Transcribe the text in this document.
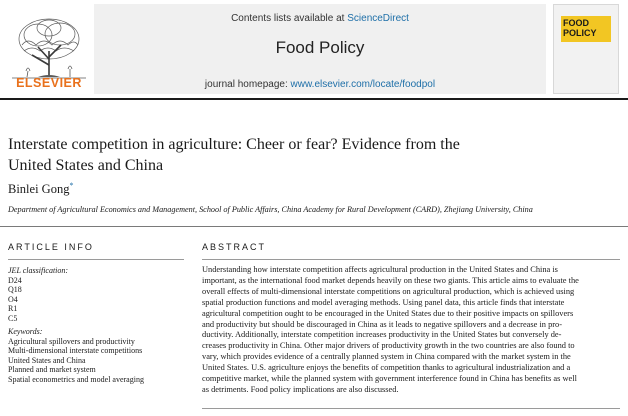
ELSEVIER
Contents lists available at ScienceDirect
Food Policy
journal homepage: www.elsevier.com/locate/foodpol
FOOD
POLICY
Interstate competition in agriculture: Cheer or fear? Evidence from the
United States and China
Binlei Gong*
Department of Agricultural Economics and Management, School of Public Affairs, China Academy for Rural Development (CARD), Zhejiang University, China
ARTICLE INFO	ABSTRACT
JEL classification:
D24
Q18
O4
R1
C5
Keywords:
Agricultural spillovers and productivity
Multi-dimensional interstate competitions
United States and China
Planned and market system
Spatial econometrics and model averaging
Understanding how interstate competition affects agricultural production in the United States and China is
important, as the international food market depends heavily on these two giants. This article aims to evaluate the
overall effects of multi-dimensional interstate competitions on agricultural production, which is achieved using
spatial production functions and model averaging methods. Using panel data, this article finds that interstate
agricultural competition ought to be encouraged in the United States due to their positive impacts on spillovers
and productivity but should be discouraged in China as it leads to negative spillovers and a decrease in pro-
ductivity. Additionally, interstate competition increases productivity in the United States but conversely de-
creases productivity in China. Other major drivers of productivity growth in the two countries are also found to
vary, which provides evidence of a centrally planned system in China compared with the market system in the
United States. U.S. agriculture enjoys the benefits of competition thanks to agricultural industrialization and a
competitive market, while the planned system with government interference found in China has benefits as well
as detriments. Food policy implications are also discussed.
